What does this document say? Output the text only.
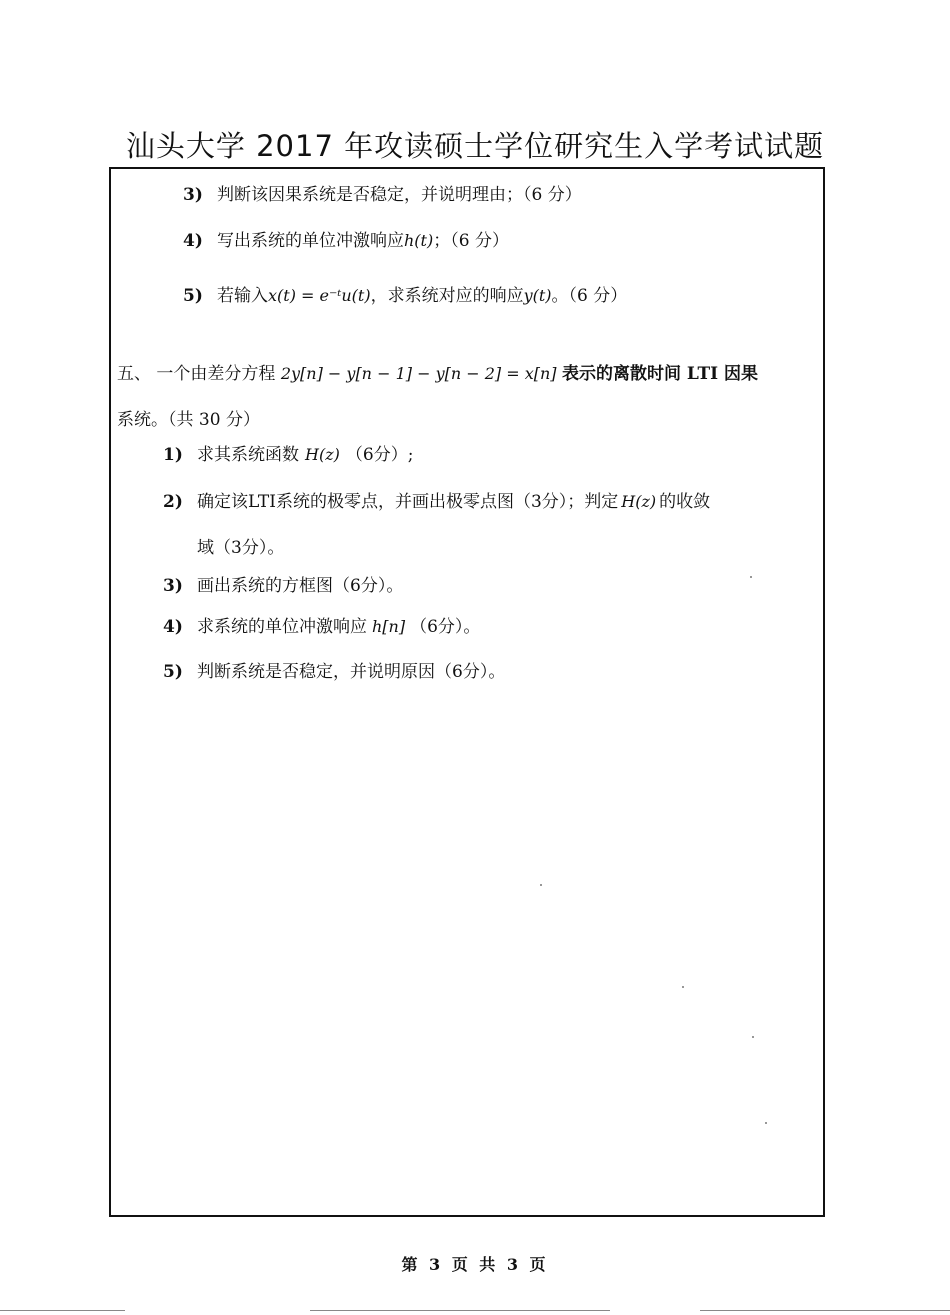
汕头大学 2017 年攻读硕士学位研究生入学考试试题
3) 判断该因果系统是否稳定，并说明理由；（6 分）
4) 写出系统的单位冲激响应h(t)；（6 分）
5) 若输入x(t) = e⁻ᵗu(t)，求系统对应的响应y(t)。（6 分）
五、 一个由差分方程 2y[n] − y[n − 1] − y[n − 2] = x[n] 表示的离散时间 LTI 因果
系统。（共 30 分）
1) 求其系统函数 H(z) （6分）;
2) 确定该LTI系统的极零点，并画出极零点图（3分）；判定 H(z) 的收敛
域（3分）。
3) 画出系统的方框图（6分）。
4) 求系统的单位冲激响应 h[n] （6分）。
5) 判断系统是否稳定，并说明原因（6分）。
第 3 页 共 3 页
